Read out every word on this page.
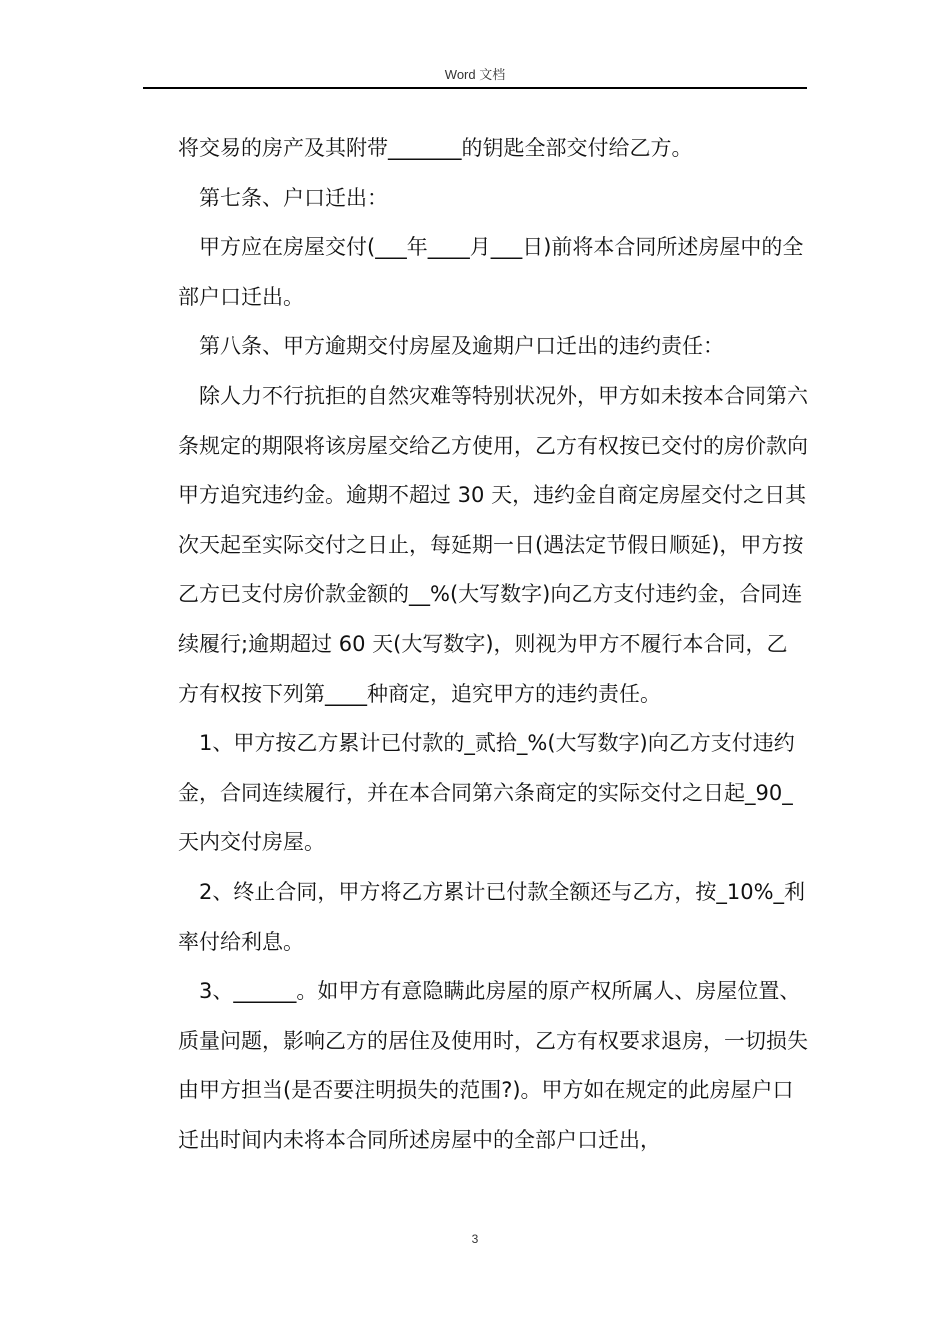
Word 文档

将交易的房产及其附带_______的钥匙全部交付给乙方。

第七条、户口迁出：

甲方应在房屋交付(___年____月___日)前将本合同所述房屋中的全部户口迁出。

第八条、甲方逾期交付房屋及逾期户口迁出的违约责任：

除人力不行抗拒的自然灾难等特别状况外，甲方如未按本合同第六条规定的期限将该房屋交给乙方使用，乙方有权按已交付的房价款向甲方追究违约金。逾期不超过 30 天，违约金自商定房屋交付之日其次天起至实际交付之日止，每延期一日(遇法定节假日顺延)，甲方按乙方已支付房价款金额的__%(大写数字)向乙方支付违约金，合同连续履行;逾期超过 60 天(大写数字)，则视为甲方不履行本合同，乙方有权按下列第____种商定，追究甲方的违约责任。

1、甲方按乙方累计已付款的_贰拾_%(大写数字)向乙方支付违约金，合同连续履行，并在本合同第六条商定的实际交付之日起_90_天内交付房屋。

2、终止合同，甲方将乙方累计已付款全额还与乙方，按_10%_利率付给利息。

3、______。如甲方有意隐瞒此房屋的原产权所属人、房屋位置、质量问题，影响乙方的居住及使用时，乙方有权要求退房，一切损失由甲方担当(是否要注明损失的范围?)。甲方如在规定的此房屋户口迁出时间内未将本合同所述房屋中的全部户口迁出，

3
